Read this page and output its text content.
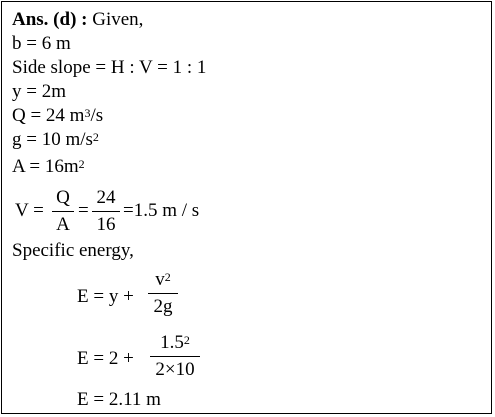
Ans. (d) : Given,
b = 6 m
Side slope = H : V = 1 : 1
y = 2m
Q = 24 $m^3/s$
g = 10 $m/s^2$
$A = 16m^2$
V =
Q
A
=
24
16
=1.5 m / s
Specific energy,
E = y +
$v^2$
2g
E = 2 +
$1.5^2$
2×10
E = 2.11 m
